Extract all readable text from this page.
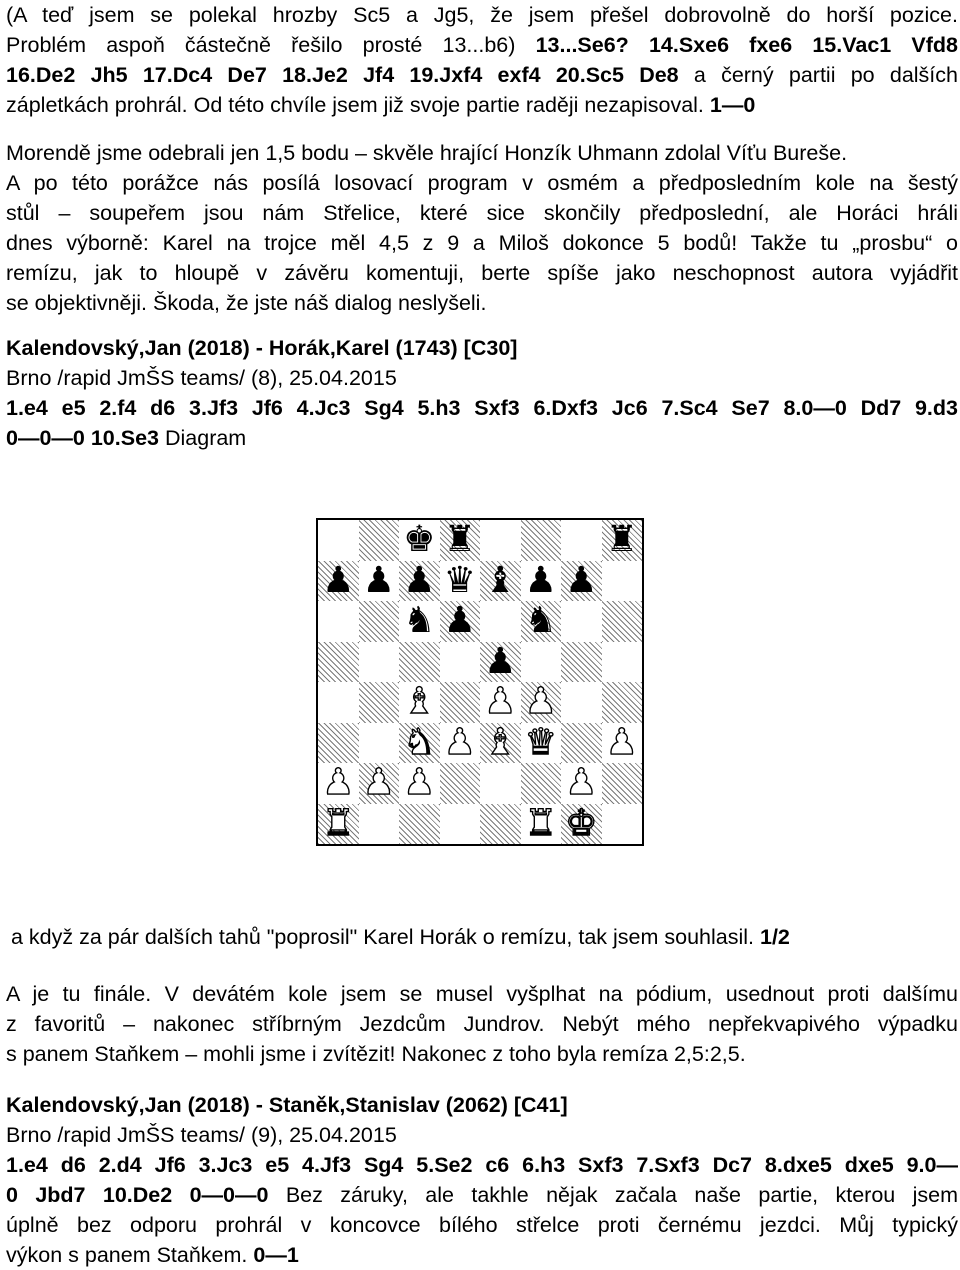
(A teď jsem se polekal hrozby Sc5 a Jg5, že jsem přešel dobrovolně do horší pozice.
Problém aspoň částečně řešilo prosté 13...b6) 13...Se6? 14.Sxe6 fxe6 15.Vac1 Vfd8
16.De2 Jh5 17.Dc4 De7 18.Je2 Jf4 19.Jxf4 exf4 20.Sc5 De8 a černý partii po dalších
zápletkách prohrál. Od této chvíle jsem již svoje partie raději nezapisoval. 1—0
Morendě jsme odebrali jen 1,5 bodu – skvěle hrající Honzík Uhmann zdolal Víťu Bureše.
A po této porážce nás posílá losovací program v osmém a předposledním kole na šestý
stůl – soupeřem jsou nám Střelice, které sice skončily předposlední, ale Horáci hráli
dnes výborně: Karel na trojce měl 4,5 z 9 a Miloš dokonce 5 bodů! Takže tu „prosbu“ o
remízu, jak to hloupě v závěru komentuji, berte spíše jako neschopnost autora vyjádřit
se objektivněji. Škoda, že jste náš dialog neslyšeli.
Kalendovský,Jan (2018) - Horák,Karel (1743) [C30]
Brno /rapid JmŠS teams/ (8), 25.04.2015
1.e4 e5 2.f4 d6 3.Jf3 Jf6 4.Jc3 Sg4 5.h3 Sxf3 6.Dxf3 Jc6 7.Sc4 Se7 8.0—0 Dd7 9.d3
0—0—0 10.Se3 Diagram
♚ ♜	♜
♟ ♟ ♟ ♛ ♝ ♟ ♟
♞ ♟ ♞
♟
♝ ♟ ♟
♞ ♟ ♝ ♛ ♟
♟ ♟ ♟	♟
♜	♜ ♚
a když za pár dalších tahů "poprosil" Karel Horák o remízu, tak jsem souhlasil. 1/2
A je tu finále. V devátém kole jsem se musel vyšplhat na pódium, usednout proti dalšímu
z favoritů – nakonec stříbrným Jezdcům Jundrov. Nebýt mého nepřekvapivého výpadku
s panem Staňkem – mohli jsme i zvítězit! Nakonec z toho byla remíza 2,5:2,5.
Kalendovský,Jan (2018) - Staněk,Stanislav (2062) [C41]
Brno /rapid JmŠS teams/ (9), 25.04.2015
1.e4 d6 2.d4 Jf6 3.Jc3 e5 4.Jf3 Sg4 5.Se2 c6 6.h3 Sxf3 7.Sxf3 Dc7 8.dxe5 dxe5 9.0—
0 Jbd7 10.De2 0—0—0 Bez záruky, ale takhle nějak začala naše partie, kterou jsem
úplně bez odporu prohrál v koncovce bílého střelce proti černému jezdci. Můj typický
výkon s panem Staňkem. 0—1
